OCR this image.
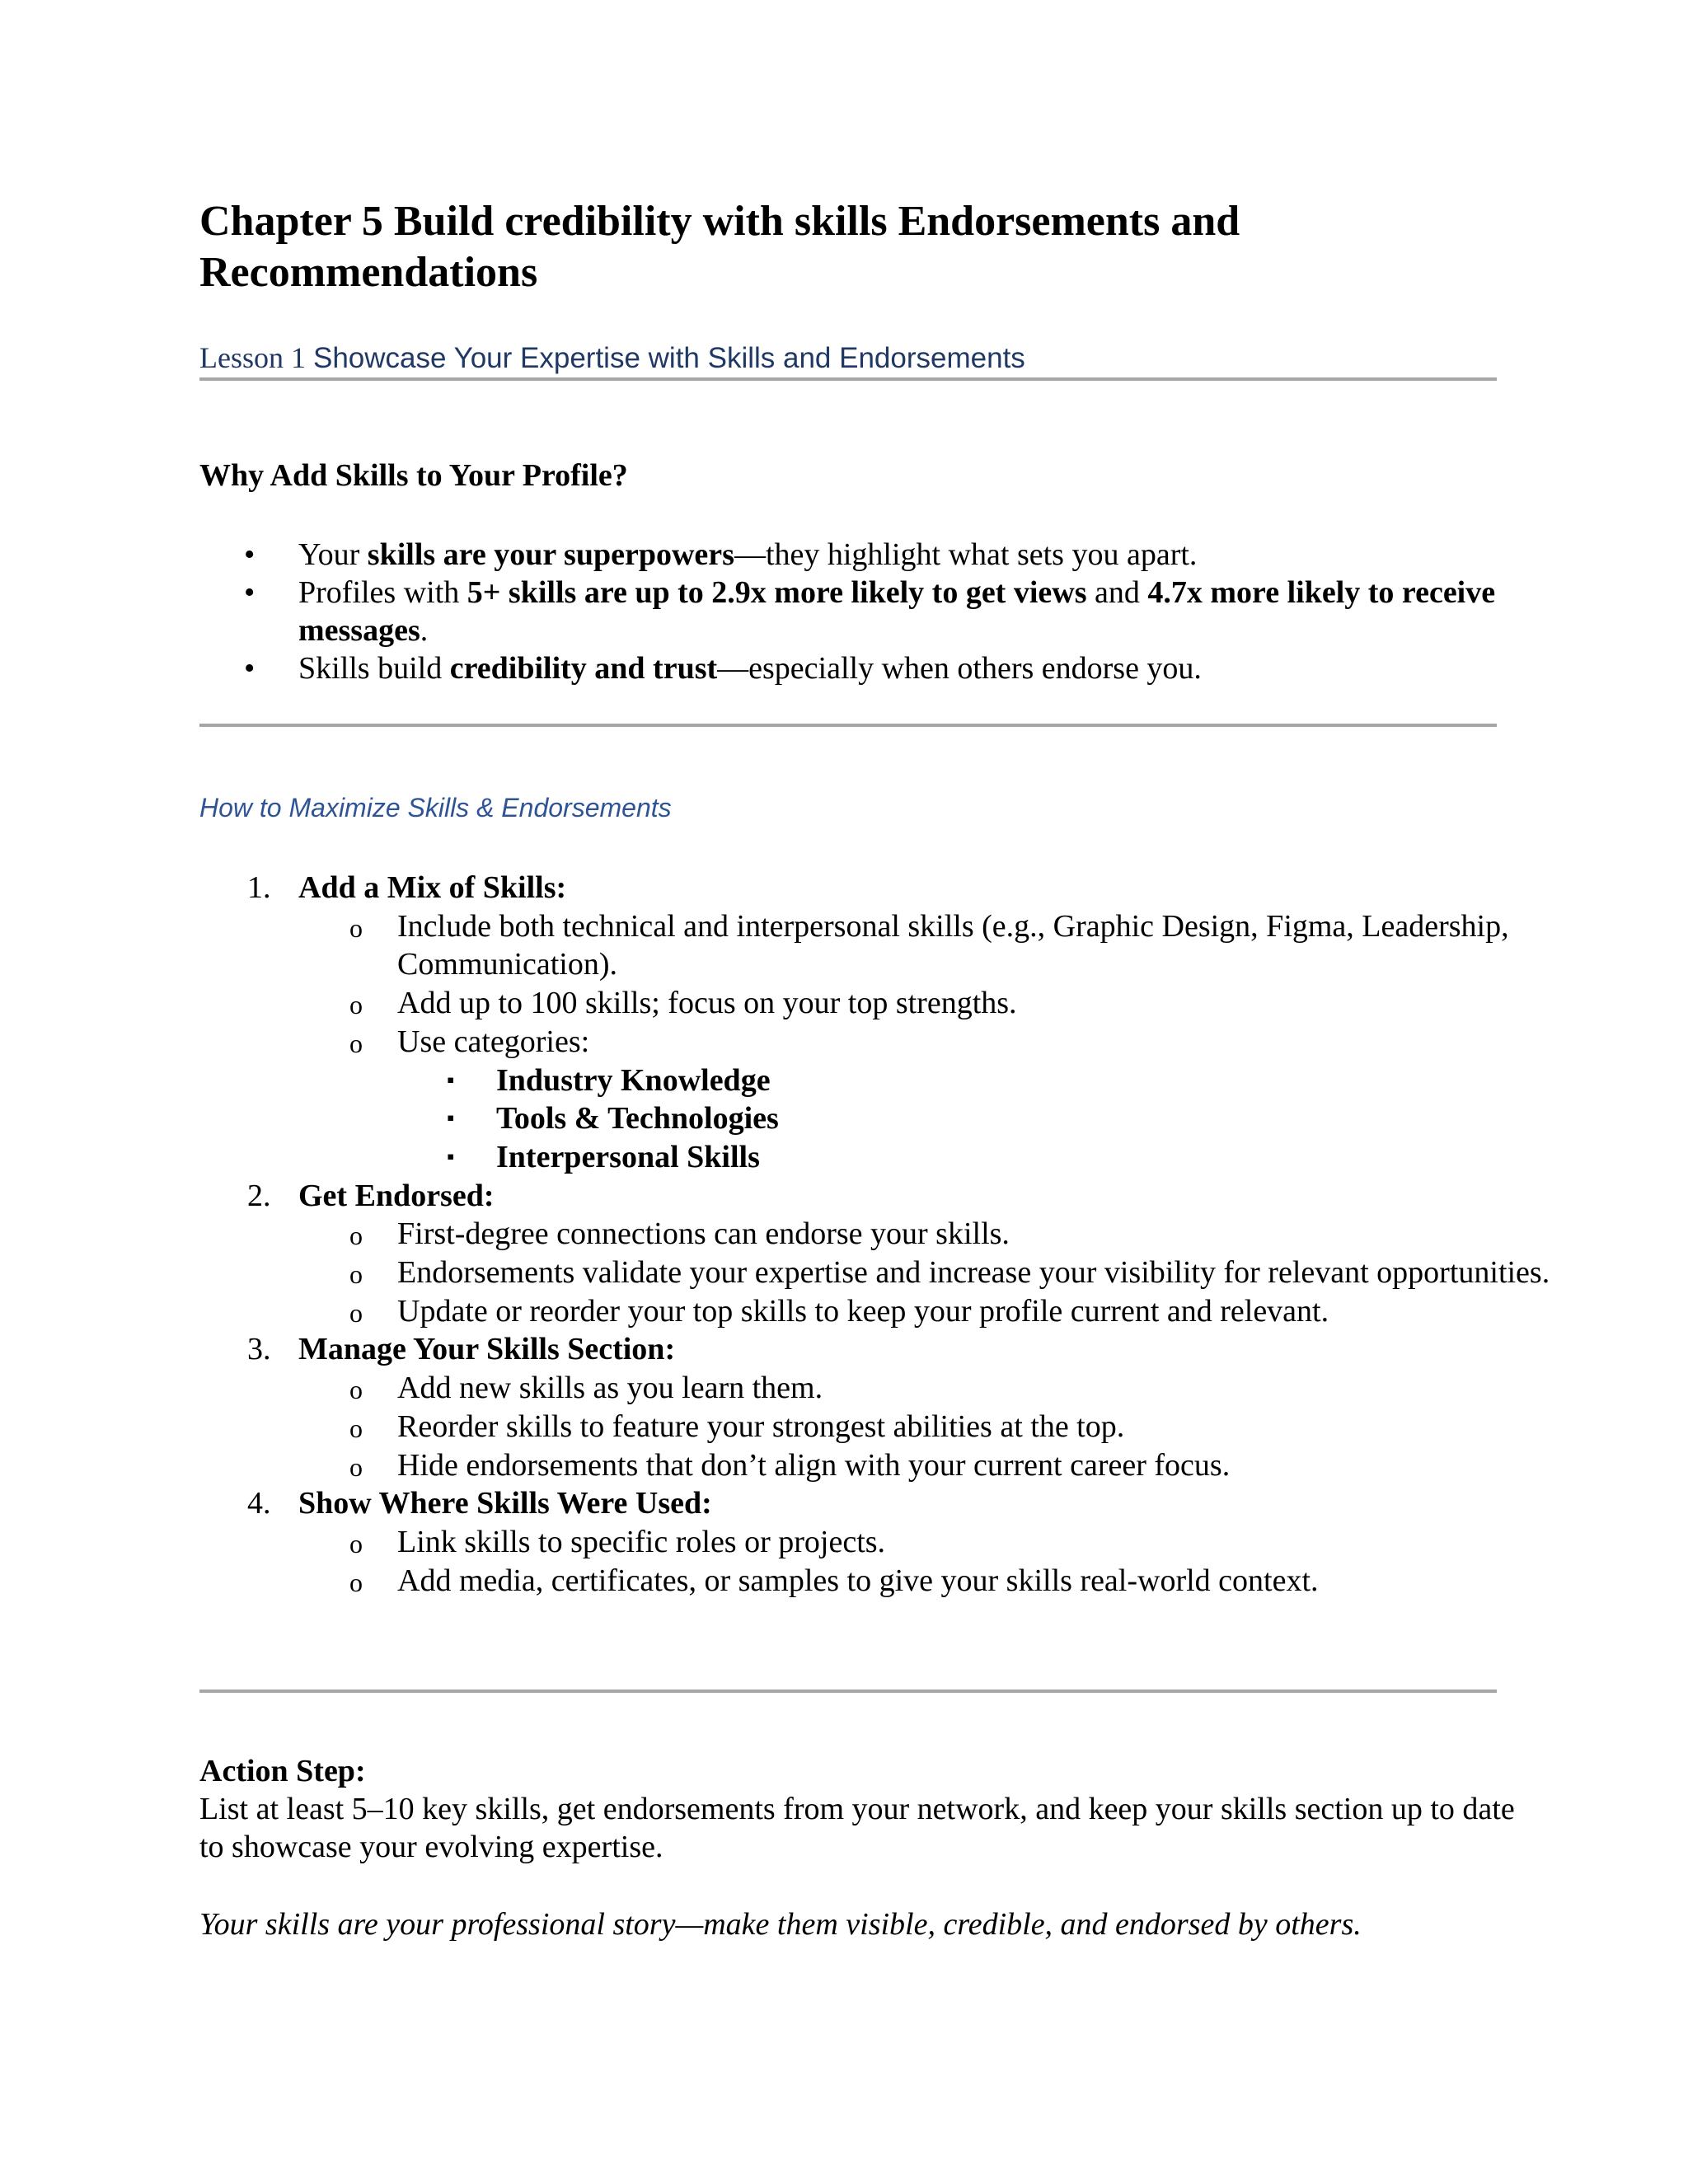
Chapter 5 Build credibility with skills Endorsements and
Recommendations
Lesson 1 Showcase Your Expertise with Skills and Endorsements
Why Add Skills to Your Profile?
• Your skills are your superpowers—they highlight what sets you apart.
• Profiles with 5+ skills are up to 2.9x more likely to get views and 4.7x more likely to receive messages.
• Skills build credibility and trust—especially when others endorse you.
How to Maximize Skills & Endorsements
1. Add a Mix of Skills:
o Include both technical and interpersonal skills (e.g., Graphic Design, Figma, Leadership, Communication).
o Add up to 100 skills; focus on your top strengths.
o Use categories:
▪ Industry Knowledge
▪ Tools & Technologies
▪ Interpersonal Skills
2. Get Endorsed:
o First-degree connections can endorse your skills.
o Endorsements validate your expertise and increase your visibility for relevant opportunities.
o Update or reorder your top skills to keep your profile current and relevant.
3. Manage Your Skills Section:
o Add new skills as you learn them.
o Reorder skills to feature your strongest abilities at the top.
o Hide endorsements that don’t align with your current career focus.
4. Show Where Skills Were Used:
o Link skills to specific roles or projects.
o Add media, certificates, or samples to give your skills real-world context.
Action Step:
List at least 5–10 key skills, get endorsements from your network, and keep your skills section up to date to showcase your evolving expertise.
Your skills are your professional story—make them visible, credible, and endorsed by others.
